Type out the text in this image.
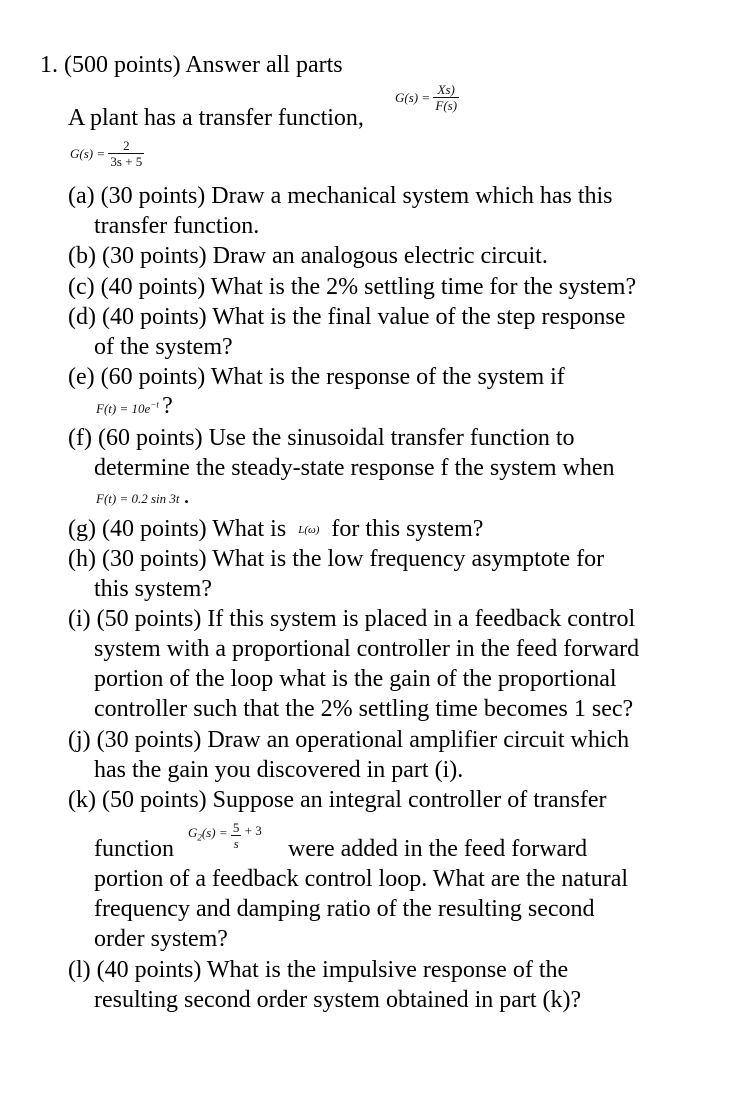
1. (500 points) Answer all parts
$G(s) = \frac{Xs)}{F(s)}$
A plant has a transfer function,
$G(s) = \frac{2}{3s + 5}$
(a) (30 points) Draw a mechanical system which has this
transfer function.
(b) (30 points) Draw an analogous electric circuit.
(c) (40 points) What is the 2% settling time for the system?
(d) (40 points) What is the final value of the step response
of the system?
(e) (60 points) What is the response of the system if
$F(t) = 10e^{-t}$ ?
(f) (60 points) Use the sinusoidal transfer function to
determine the steady-state response f the system when
F(t) = 0.2 sin 3t .
(g) (40 points) What is L(ω) for this system?
(h) (30 points) What is the low frequency asymptote for
this system?
(i) (50 points) If this system is placed in a feedback control
system with a proportional controller in the feed forward
portion of the loop what is the gain of the proportional
controller such that the 2% settling time becomes 1 sec?
(j) (30 points) Draw an operational amplifier circuit which
has the gain you discovered in part (i).
(k) (50 points) Suppose an integral controller of transfer
$G_2(s) = \frac{5}{s} + 3$
function	were added in the feed forward
portion of a feedback control loop. What are the natural
frequency and damping ratio of the resulting second
order system?
(l) (40 points) What is the impulsive response of the
resulting second order system obtained in part (k)?
